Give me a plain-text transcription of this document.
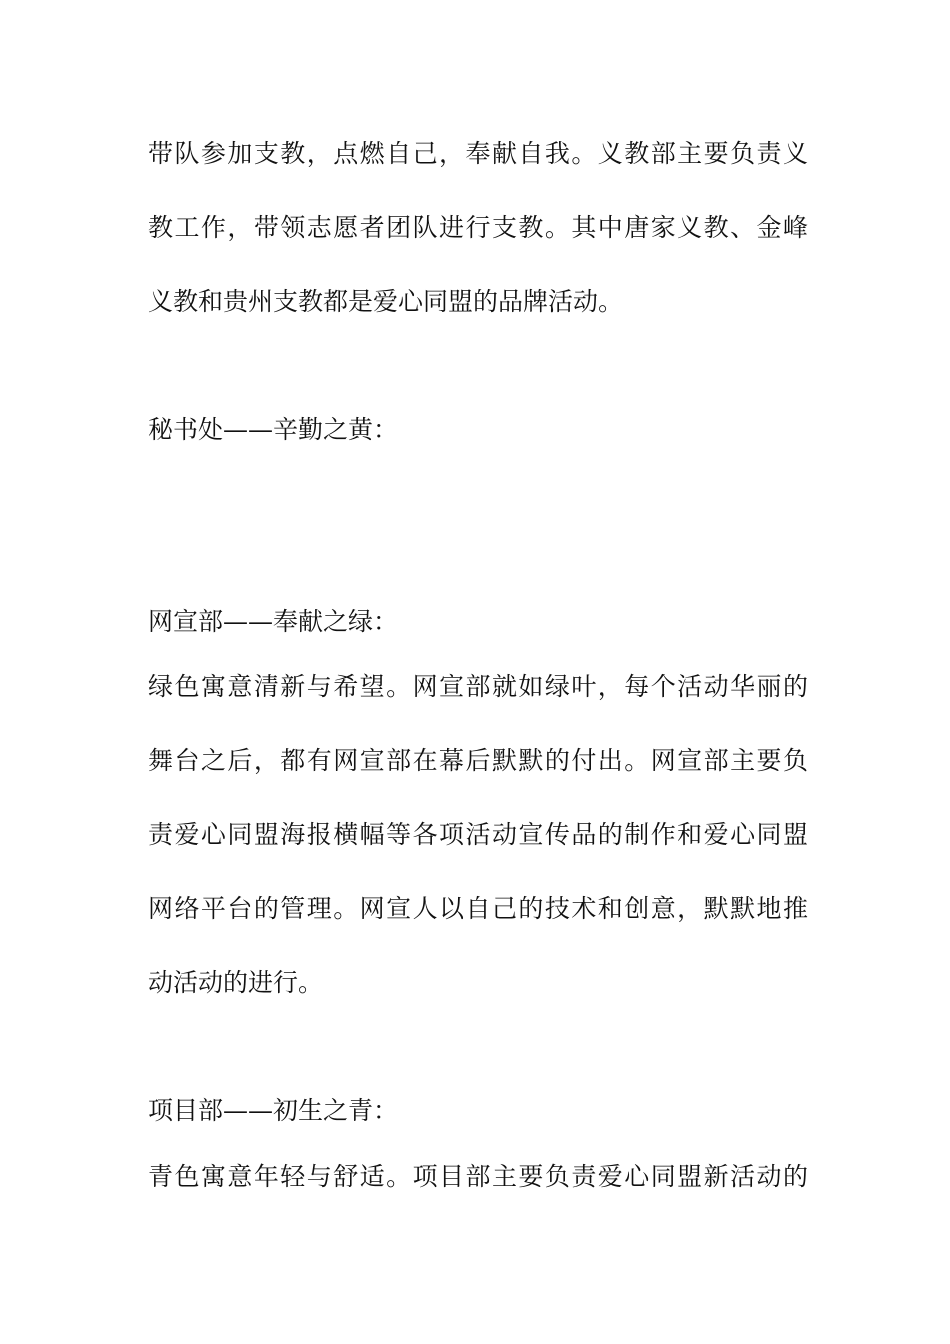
带队参加支教，点燃自己，奉献自我。义教部主要负责义
教工作，带领志愿者团队进行支教。其中唐家义教、金峰
义教和贵州支教都是爱心同盟的品牌活动。
秘书处——辛勤之黄：
网宣部——奉献之绿：
绿色寓意清新与希望。网宣部就如绿叶，每个活动华丽的
舞台之后，都有网宣部在幕后默默的付出。网宣部主要负
责爱心同盟海报横幅等各项活动宣传品的制作和爱心同盟
网络平台的管理。网宣人以自己的技术和创意，默默地推
动活动的进行。
项目部——初生之青：
青色寓意年轻与舒适。项目部主要负责爱心同盟新活动的
